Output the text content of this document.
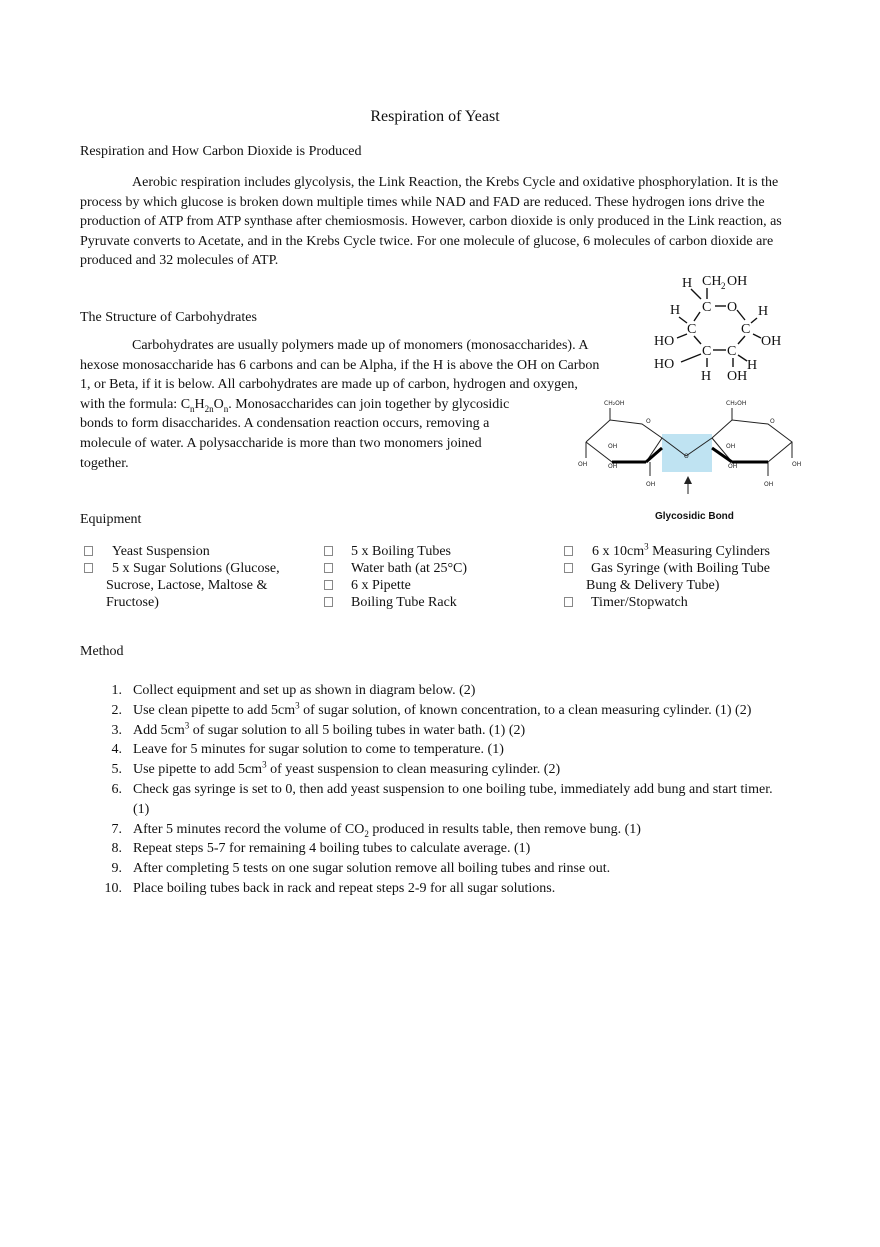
Respiration of Yeast
Respiration and How Carbon Dioxide is Produced
Aerobic respiration includes glycolysis, the Link Reaction, the Krebs Cycle and oxidative phosphorylation. It is the process by which glucose is broken down multiple times while NAD and FAD are reduced. These hydrogen ions drive the production of ATP from ATP synthase after chemiosmosis. However, carbon dioxide is only produced in the Link reaction, as Pyruvate converts to Acetate, and in the Krebs Cycle twice. For one molecule of glucose, 6 molecules of carbon dioxide are produced and 32 molecules of ATP.
The Structure of Carbohydrates
Carbohydrates are usually polymers made up of monomers (monosaccharides). A
hexose monosaccharide has 6 carbons and can be Alpha, if the H is above the OH on Carbon
1, or Beta, if it is below. All carbohydrates are made up of carbon, hydrogen and oxygen,
with the formula: $C_nH_{2n}O_n$. Monosaccharides can join together by glycosidic
bonds to form disaccharides. A condensation reaction occurs, removing a
molecule of water. A polysaccharide is more than two monomers joined
together.
H CH 2 OH
C O
H	H
C	C
HO	OH
HO
C C
H
H OH
CH₂OH	CH₂OH
O	O
O
OH
OH
OH
OH
OH
OH
OH
OH
Glycosidic Bond
Equipment
Yeast Suspension
5 x Sugar Solutions (Glucose, Sucrose, Lactose, Maltose & Fructose)
5 x Boiling Tubes
Water bath (at 25°C)
6 x Pipette
Boiling Tube Rack
6 x $10cm^3$ Measuring Cylinders
Gas Syringe (with Boiling Tube Bung & Delivery Tube)
Timer/Stopwatch
Method
1. Collect equipment and set up as shown in diagram below. (2)
2. Use clean pipette to add $5cm^3$ of sugar solution, of known concentration, to a clean measuring cylinder. (1) (2)
3. Add $5cm^3$ of sugar solution to all 5 boiling tubes in water bath. (1) (2)
4. Leave for 5 minutes for sugar solution to come to temperature. (1)
5. Use pipette to add $5cm^3$ of yeast suspension to clean measuring cylinder. (2)
6. Check gas syringe is set to 0, then add yeast suspension to one boiling tube, immediately add bung and start timer. (1)
7. After 5 minutes record the volume of $CO_2$ produced in results table, then remove bung. (1)
8. Repeat steps 5-7 for remaining 4 boiling tubes to calculate average. (1)
9. After completing 5 tests on one sugar solution remove all boiling tubes and rinse out.
10. Place boiling tubes back in rack and repeat steps 2-9 for all sugar solutions.
